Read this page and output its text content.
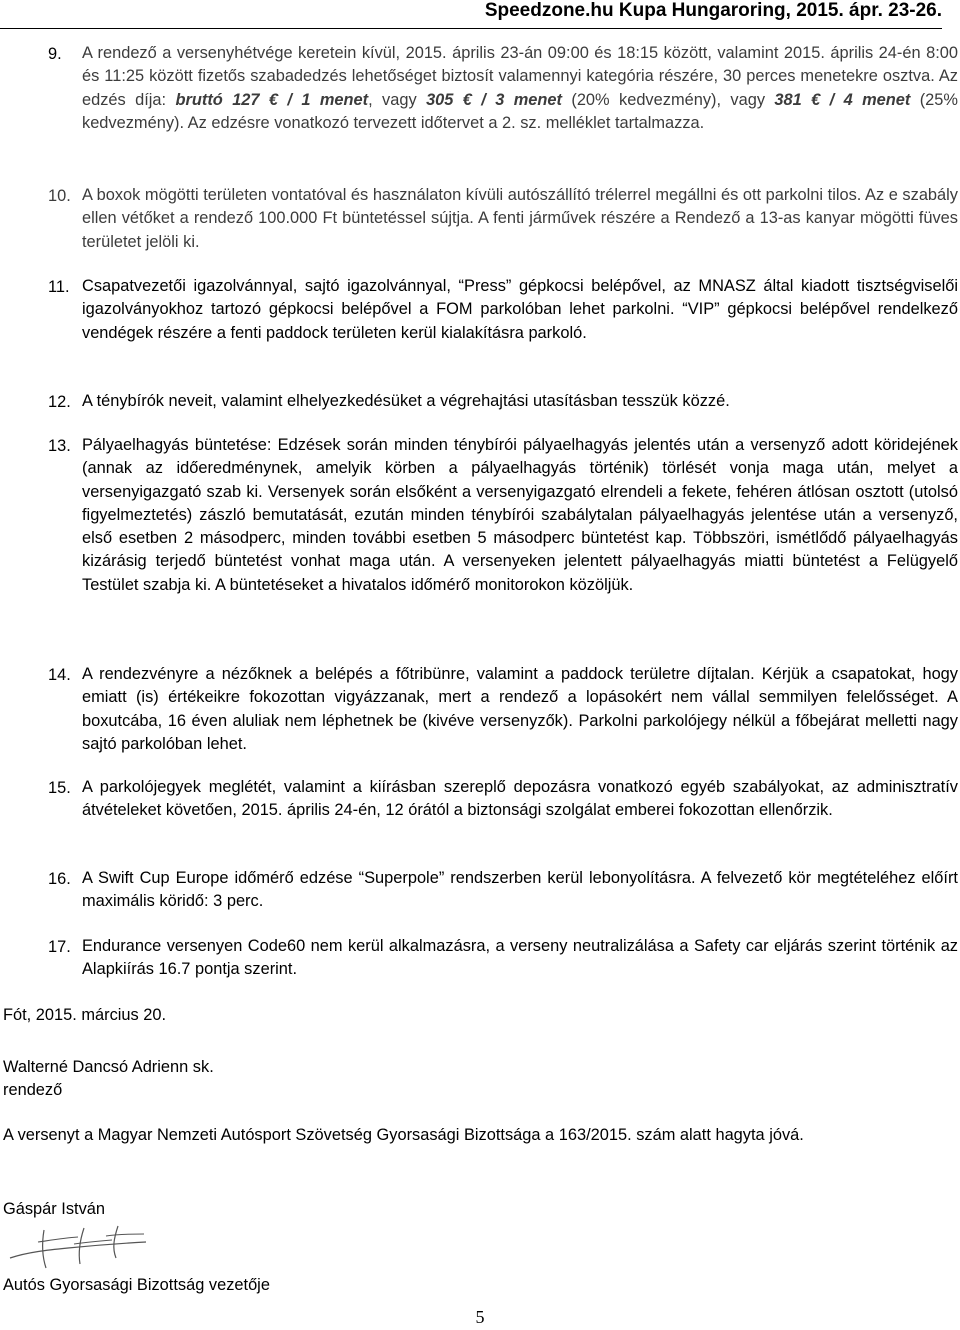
Speedzone.hu Kupa Hungaroring, 2015. ápr. 23-26.
9.	A rendező a versenyhétvége keretein kívül, 2015. április 23-án 09:00 és 18:15 között, valamint 2015. április 24-én 8:00 és 11:25 között fizetős szabadedzés lehetőséget biztosít valamennyi kategória részére, 30 perces menetekre osztva. Az edzés díja: bruttó 127 € / 1 menet, vagy 305 € / 3 menet (20% kedvezmény), vagy 381 € / 4 menet (25% kedvezmény). Az edzésre vonatkozó tervezett időtervet a 2. sz. melléklet tartalmazza.
10. A boxok mögötti területen vontatóval és használaton kívüli autószállító trélerrel megállni és ott parkolni tilos. Az e szabály ellen vétőket a rendező 100.000 Ft büntetéssel sújtja. A fenti járművek részére a Rendező a 13-as kanyar mögötti füves területet jelöli ki.
11. Csapatvezetői igazolvánnyal, sajtó igazolvánnyal, “Press” gépkocsi belépővel, az MNASZ által kiadott tisztségviselői igazolványokhoz tartozó gépkocsi belépővel a FOM parkolóban lehet parkolni. “VIP” gépkocsi belépővel rendelkező vendégek részére a fenti paddock területen kerül kialakításra parkoló.
12. A ténybírók neveit, valamint elhelyezkedésüket a végrehajtási utasításban tesszük közzé.
13. Pályaelhagyás büntetése: Edzések során minden ténybírói pályaelhagyás jelentés után a versenyző adott köridejének (annak az időeredménynek, amelyik körben a pályaelhagyás történik) törlését vonja maga után, melyet a versenyigazgató szab ki. Versenyek során elsőként a versenyigazgató elrendeli a fekete, fehéren átlósan osztott (utolsó figyelmeztetés) zászló bemutatását, ezután minden ténybírói szabálytalan pályaelhagyás jelentése után a versenyző, első esetben 2 másodperc, minden további esetben 5 másodperc büntetést kap. Többszöri, ismétlődő pályaelhagyás kizárásig terjedő büntetést vonhat maga után. A versenyeken jelentett pályaelhagyás miatti büntetést a Felügyelő Testület szabja ki. A büntetéseket a hivatalos időmérő monitorokon közöljük.
14. A rendezvényre a nézőknek a belépés a főtribünre, valamint a paddock területre díjtalan. Kérjük a csapatokat, hogy emiatt (is) értékeikre fokozottan vigyázzanak, mert a rendező a lopásokért nem vállal semmilyen felelősséget. A boxutcába, 16 éven aluliak nem léphetnek be (kivéve versenyzők). Parkolni parkolójegy nélkül a főbejárat melletti nagy sajtó parkolóban lehet.
15. A parkolójegyek meglétét, valamint a kiírásban szereplő depozásra vonatkozó egyéb szabályokat, az adminisztratív átvételeket követően, 2015. április 24-én, 12 órától a biztonsági szolgálat emberei fokozottan ellenőrzik.
16. A Swift Cup Europe időmérő edzése “Superpole” rendszerben kerül lebonyolításra. A felvezető kör megtételéhez előírt maximális köridő: 3 perc.
17. Endurance versenyen Code60 nem kerül alkalmazásra, a verseny neutralizálása a Safety car eljárás szerint történik az Alapkiírás 16.7 pontja szerint.
Fót, 2015. március 20.
Walterné Dancsó Adrienn sk.
rendező
A versenyt a Magyar Nemzeti Autósport Szövetség Gyorsasági Bizottsága a 163/2015. szám alatt hagyta jóvá.
Gáspár István
Autós Gyorsasági Bizottság vezetője
5
